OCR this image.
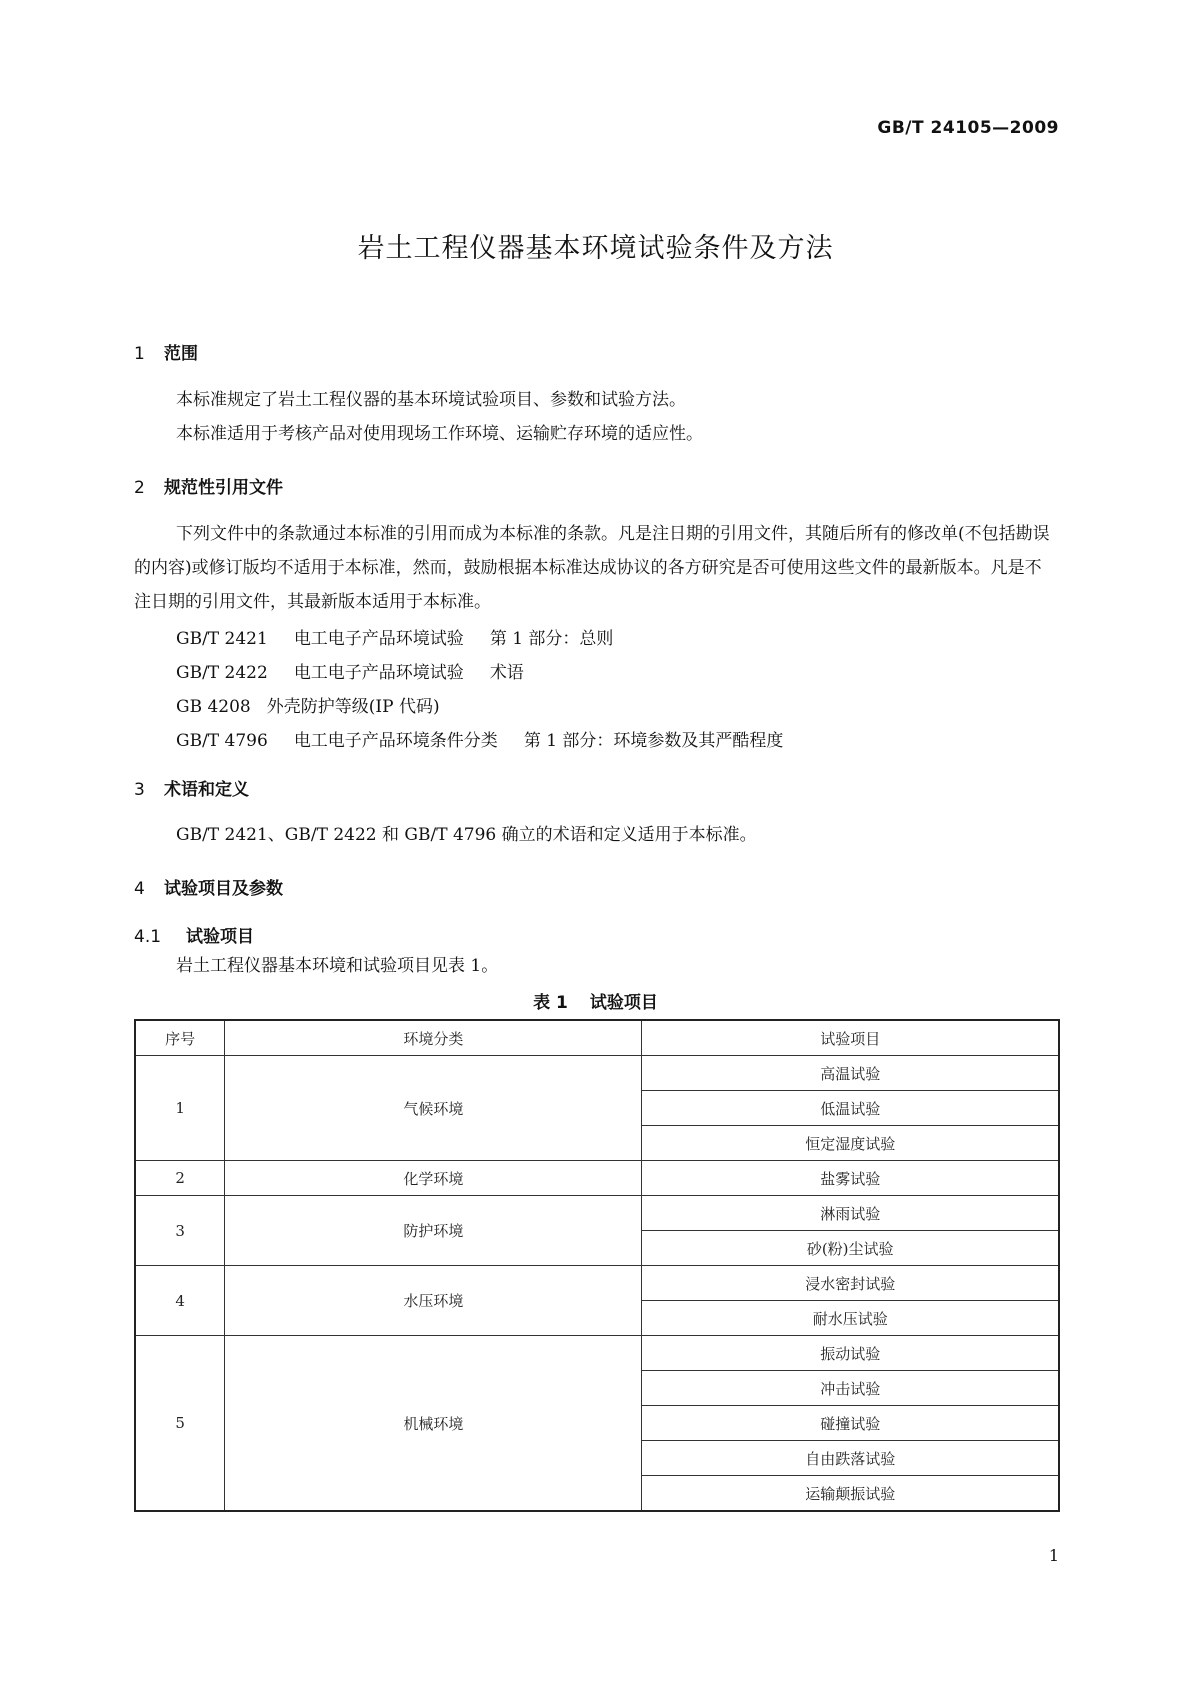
GB/T 24105—2009
岩土工程仪器基本环境试验条件及方法
1 范围
本标准规定了岩土工程仪器的基本环境试验项目、参数和试验方法。
本标准适用于考核产品对使用现场工作环境、运输贮存环境的适应性。
2 规范性引用文件
下列文件中的条款通过本标准的引用而成为本标准的条款。凡是注日期的引用文件，其随后所有的修改单(不包括勘误的内容)或修订版均不适用于本标准，然而，鼓励根据本标准达成协议的各方研究是否可使用这些文件的最新版本。凡是不注日期的引用文件，其最新版本适用于本标准。
GB/T 2421 电工电子产品环境试验 第 1 部分：总则
GB/T 2422 电工电子产品环境试验 术语
GB 4208 外壳防护等级(IP 代码)
GB/T 4796 电工电子产品环境条件分类 第 1 部分：环境参数及其严酷程度
3 术语和定义
GB/T 2421、GB/T 2422 和 GB/T 4796 确立的术语和定义适用于本标准。
4 试验项目及参数
4.1 试验项目
岩土工程仪器基本环境和试验项目见表 1。
表 1 试验项目
序号	环境分类	试验项目
1	气候环境	高温试验
		低温试验
		恒定湿度试验
2	化学环境	盐雾试验
3	防护环境	淋雨试验
		砂(粉)尘试验
4	水压环境	浸水密封试验
		耐水压试验
5	机械环境	振动试验
		冲击试验
		碰撞试验
		自由跌落试验
		运输颠振试验
1
